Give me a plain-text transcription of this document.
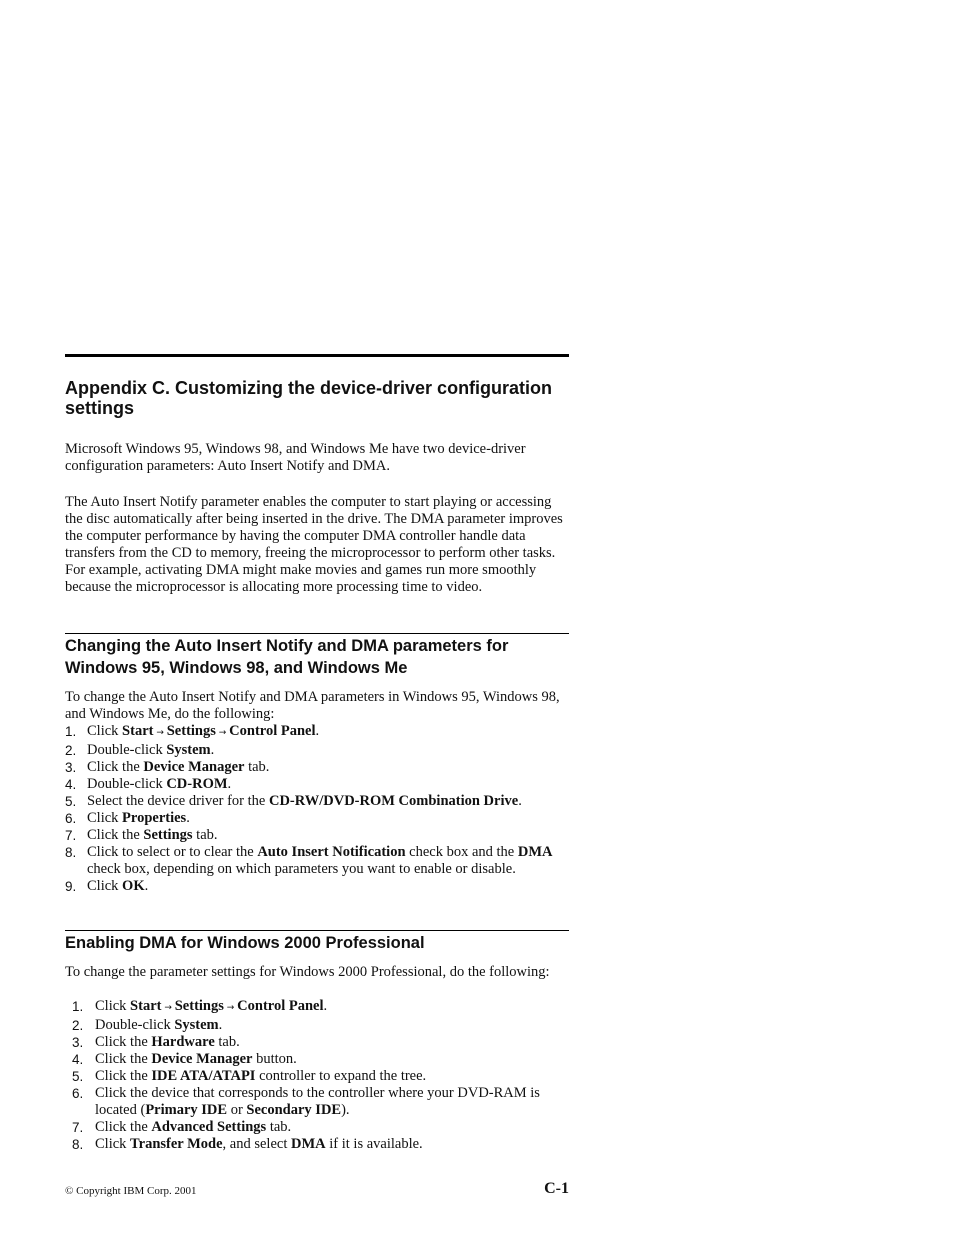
Appendix C. Customizing the device-driver configuration settings

Microsoft Windows 95, Windows 98, and Windows Me have two device-driver configuration parameters: Auto Insert Notify and DMA.

The Auto Insert Notify parameter enables the computer to start playing or accessing the disc automatically after being inserted in the drive. The DMA parameter improves the computer performance by having the computer DMA controller handle data transfers from the CD to memory, freeing the microprocessor to perform other tasks. For example, activating DMA might make movies and games run more smoothly because the microprocessor is allocating more processing time to video.

Changing the Auto Insert Notify and DMA parameters for Windows 95, Windows 98, and Windows Me

To change the Auto Insert Notify and DMA parameters in Windows 95, Windows 98, and Windows Me, do the following:

1. Click Start → Settings → Control Panel.
2. Double-click System.
3. Click the Device Manager tab.
4. Double-click CD-ROM.
5. Select the device driver for the CD-RW/DVD-ROM Combination Drive.
6. Click Properties.
7. Click the Settings tab.
8. Click to select or to clear the Auto Insert Notification check box and the DMA check box, depending on which parameters you want to enable or disable.
9. Click OK.
Enabling DMA for Windows 2000 Professional

To change the parameter settings for Windows 2000 Professional, do the following:

1. Click Start → Settings → Control Panel.
2. Double-click System.
3. Click the Hardware tab.
4. Click the Device Manager button.
5. Click the IDE ATA/ATAPI controller to expand the tree.
6. Click the device that corresponds to the controller where your DVD-RAM is located (Primary IDE or Secondary IDE).
7. Click the Advanced Settings tab.
8. Click Transfer Mode, and select DMA if it is available.
© Copyright IBM Corp. 2001	C-1
